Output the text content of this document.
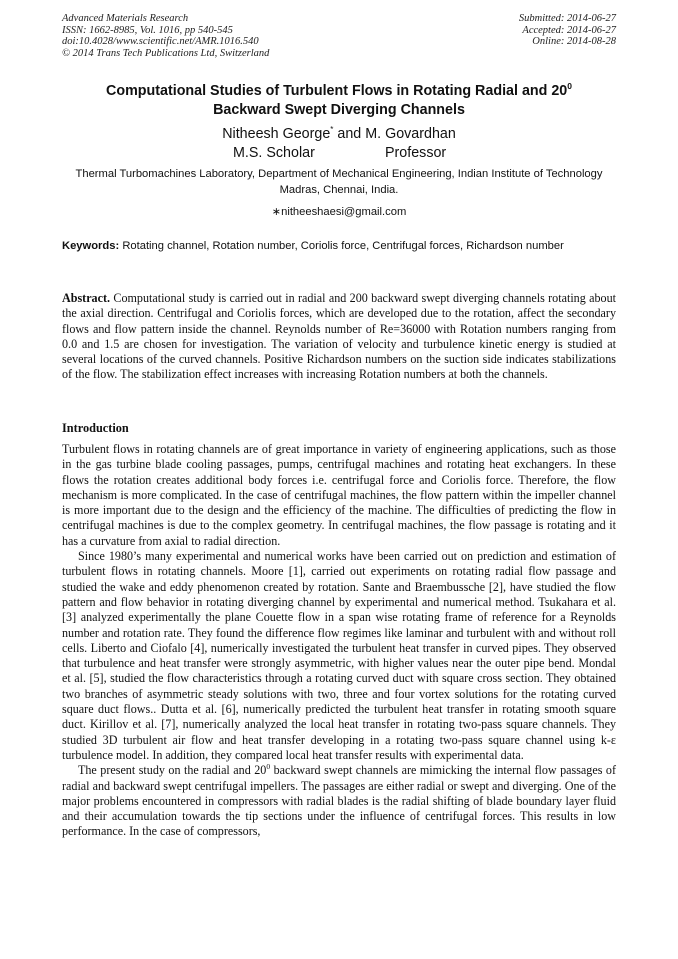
Advanced Materials Research
ISSN: 1662-8985, Vol. 1016, pp 540-545
doi:10.4028/www.scientific.net/AMR.1016.540
© 2014 Trans Tech Publications Ltd, Switzerland
Submitted: 2014-06-27
Accepted: 2014-06-27
Online: 2014-08-28
Computational Studies of Turbulent Flows in Rotating Radial and $20^0$
Backward Swept Diverging Channels
Nitheesh George* and M. Govardhan
M.S. Scholar	Professor
Thermal Turbomachines Laboratory, Department of Mechanical Engineering, Indian Institute of Technology Madras, Chennai, India.
∗nitheeshaesi@gmail.com
Keywords: Rotating channel, Rotation number, Coriolis force, Centrifugal forces, Richardson number
Abstract. Computational study is carried out in radial and 200 backward swept diverging channels rotating about the axial direction. Centrifugal and Coriolis forces, which are developed due to the rotation, affect the secondary flows and flow pattern inside the channel. Reynolds number of Re=36000 with Rotation numbers ranging from 0.0 and 1.5 are chosen for investigation. The variation of velocity and turbulence kinetic energy is studied at several locations of the curved channels. Positive Richardson numbers on the suction side indicates stabilizations of the flow. The stabilization effect increases with increasing Rotation numbers at both the channels.
Introduction

Turbulent flows in rotating channels are of great importance in variety of engineering applications, such as those in the gas turbine blade cooling passages, pumps, centrifugal machines and rotating heat exchangers. In these flows the rotation creates additional body forces i.e. centrifugal force and Coriolis force. Therefore, the flow mechanism is more complicated. In the case of centrifugal machines, the flow pattern within the impeller channel is more important due to the design and the efficiency of the machine. The difficulties of predicting the flow in centrifugal machines is due to the complex geometry. In centrifugal machines, the flow passage is rotating and it has a curvature from axial to radial direction.

Since 1980’s many experimental and numerical works have been carried out on prediction and estimation of turbulent flows in rotating channels. Moore [1], carried out experiments on rotating radial flow passage and studied the wake and eddy phenomenon created by rotation. Sante and Braembussche [2], have studied the flow pattern and flow behavior in rotating diverging channel by experimental and numerical method. Tsukahara et al. [3] analyzed experimentally the plane Couette flow in a span wise rotating frame of reference for a Reynolds number and rotation rate. They found the difference flow regimes like laminar and turbulent with and without roll cells. Liberto and Ciofalo [4], numerically investigated the turbulent heat transfer in curved pipes. They observed that turbulence and heat transfer were strongly asymmetric, with higher values near the outer pipe bend. Mondal et al. [5], studied the flow characteristics through a rotating curved duct with square cross section. They obtained two branches of asymmetric steady solutions with two, three and four vortex solutions for the rotating curved square duct flows.. Dutta et al. [6], numerically predicted the turbulent heat transfer in rotating smooth square duct. Kirillov et al. [7], numerically analyzed the local heat transfer in rotating two-pass square channels. They studied 3D turbulent air flow and heat transfer developing in a rotating two-pass square channel using k-ε turbulence model. In addition, they compared local heat transfer results with experimental data.

The present study on the radial and $20^0$ backward swept channels are mimicking the internal flow passages of radial and backward swept centrifugal impellers. The passages are either radial or swept and diverging. One of the major problems encountered in compressors with radial blades is the radial shifting of blade boundary layer fluid and their accumulation towards the tip sections under the influence of centrifugal forces. This results in low performance. In the case of compressors,
